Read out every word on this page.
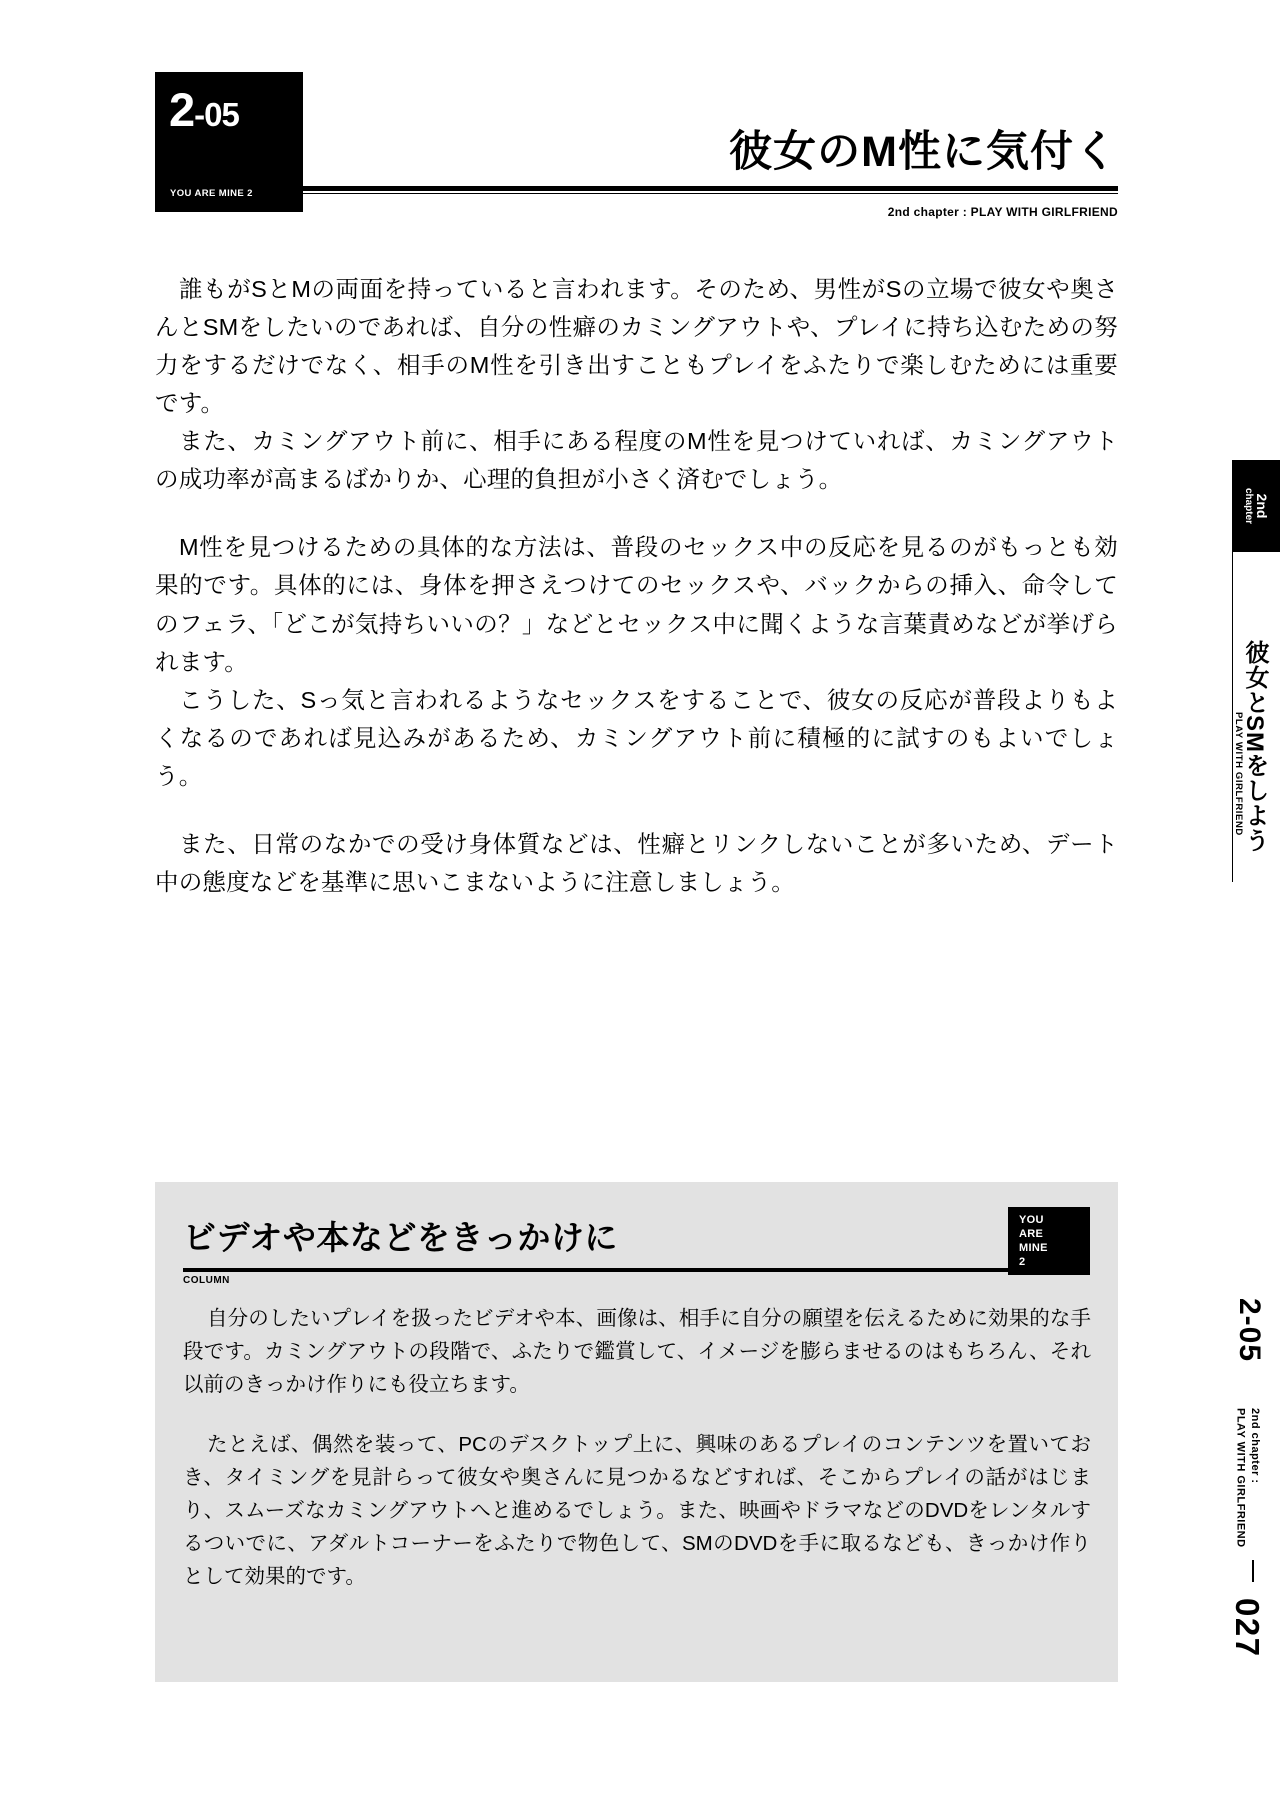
2-05
YOU ARE MINE 2
彼女のM性に気付く
2nd chapter : PLAY WITH GIRLFRIEND

誰もがSとMの両面を持っていると言われます。そのため、男性がSの立場で彼女や奥さんとSMをしたいのであれば、自分の性癖のカミングアウトや、プレイに持ち込むための努力をするだけでなく、相手のM性を引き出すこともプレイをふたりで楽しむためには重要です。

また、カミングアウト前に、相手にある程度のM性を見つけていれば、カミングアウトの成功率が高まるばかりか、心理的負担が小さく済むでしょう。

M性を見つけるための具体的な方法は、普段のセックス中の反応を見るのがもっとも効果的です。具体的には、身体を押さえつけてのセックスや、バックからの挿入、命令してのフェラ、「どこが気持ちいいの？」などとセックス中に聞くような言葉責めなどが挙げられます。

こうした、Sっ気と言われるようなセックスをすることで、彼女の反応が普段よりもよくなるのであれば見込みがあるため、カミングアウト前に積極的に試すのもよいでしょう。

また、日常のなかでの受け身体質などは、性癖とリンクしないことが多いため、デート中の態度などを基準に思いこまないように注意しましょう。

2nd
chapter
彼女とSMをしよう
PLAY WITH GIRLFRIEND
2-05
2nd chapter :
PLAY WITH GIRLFRIEND
027
ビデオや本などをきっかけに
COLUMN
YOU
ARE
MINE
2

自分のしたいプレイを扱ったビデオや本、画像は、相手に自分の願望を伝えるために効果的な手段です。カミングアウトの段階で、ふたりで鑑賞して、イメージを膨らませるのはもちろん、それ以前のきっかけ作りにも役立ちます。

たとえば、偶然を装って、PCのデスクトップ上に、興味のあるプレイのコンテンツを置いておき、タイミングを見計らって彼女や奥さんに見つかるなどすれば、そこからプレイの話がはじまり、スムーズなカミングアウトへと進めるでしょう。また、映画やドラマなどのDVDをレンタルするついでに、アダルトコーナーをふたりで物色して、SMのDVDを手に取るなども、きっかけ作りとして効果的です。
